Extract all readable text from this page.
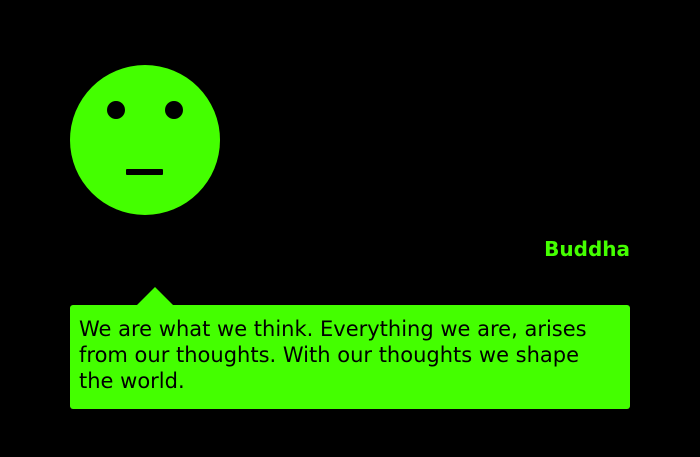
Buddha

We are what we think. Everything we are, arises from our thoughts. With our thoughts we shape the world.
